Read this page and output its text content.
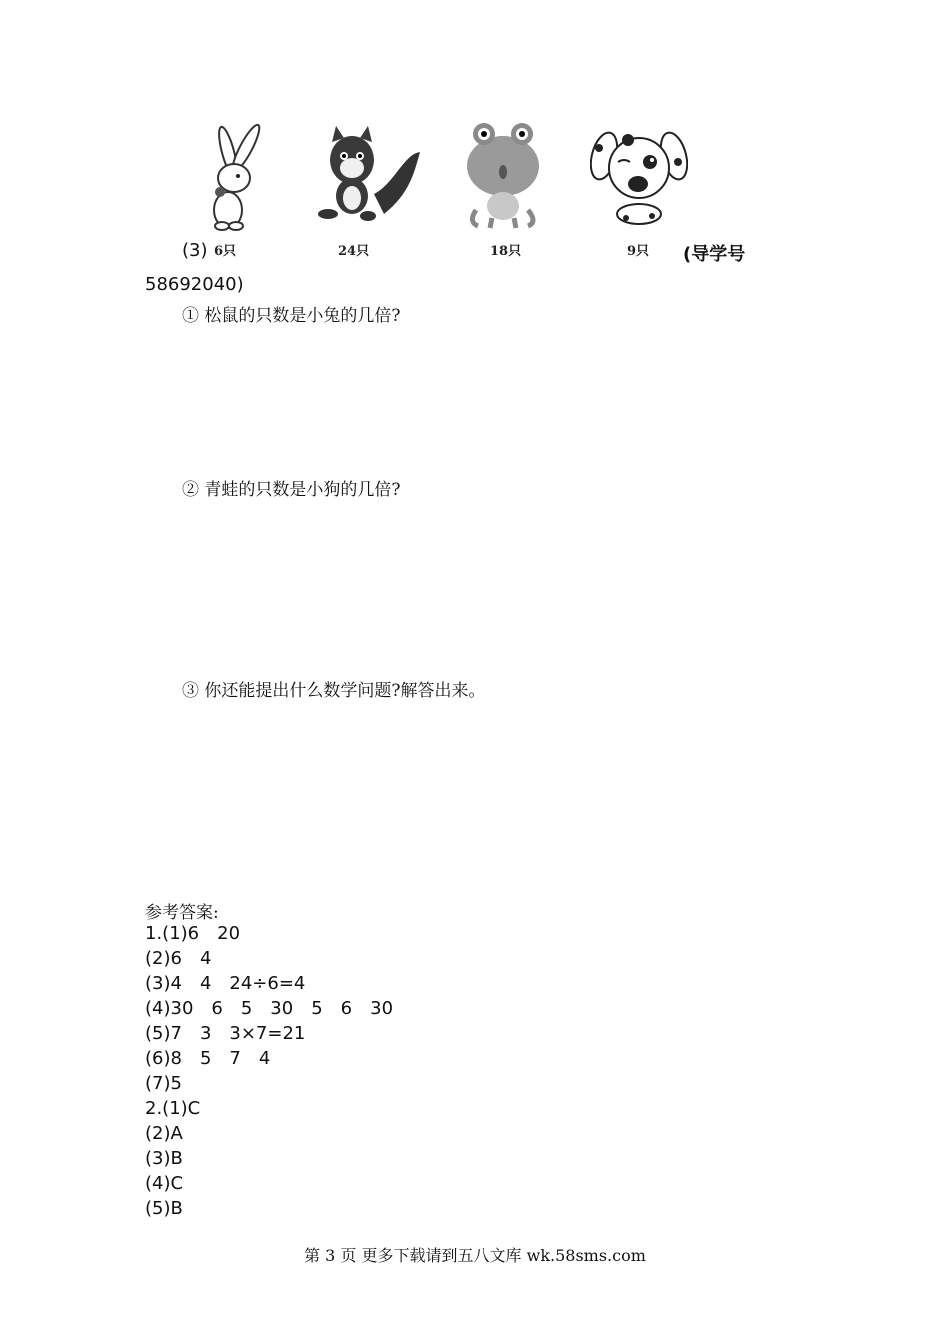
6只	24只	18只	9只
(3)	(导学号
58692040)
① 松鼠的只数是小兔的几倍?
② 青蛙的只数是小狗的几倍?
③ 你还能提出什么数学问题?解答出来。
参考答案:
1.(1)6　20
(2)6　4
(3)4　4　24÷6=4
(4)30　6　5　30　5　6　30
(5)7　3　3×7=21
(6)8　5　7　4
(7)5
2.(1)C
(2)A
(3)B
(4)C
(5)B
第 3 页 更多下载请到五八文库 wk.58sms.com
